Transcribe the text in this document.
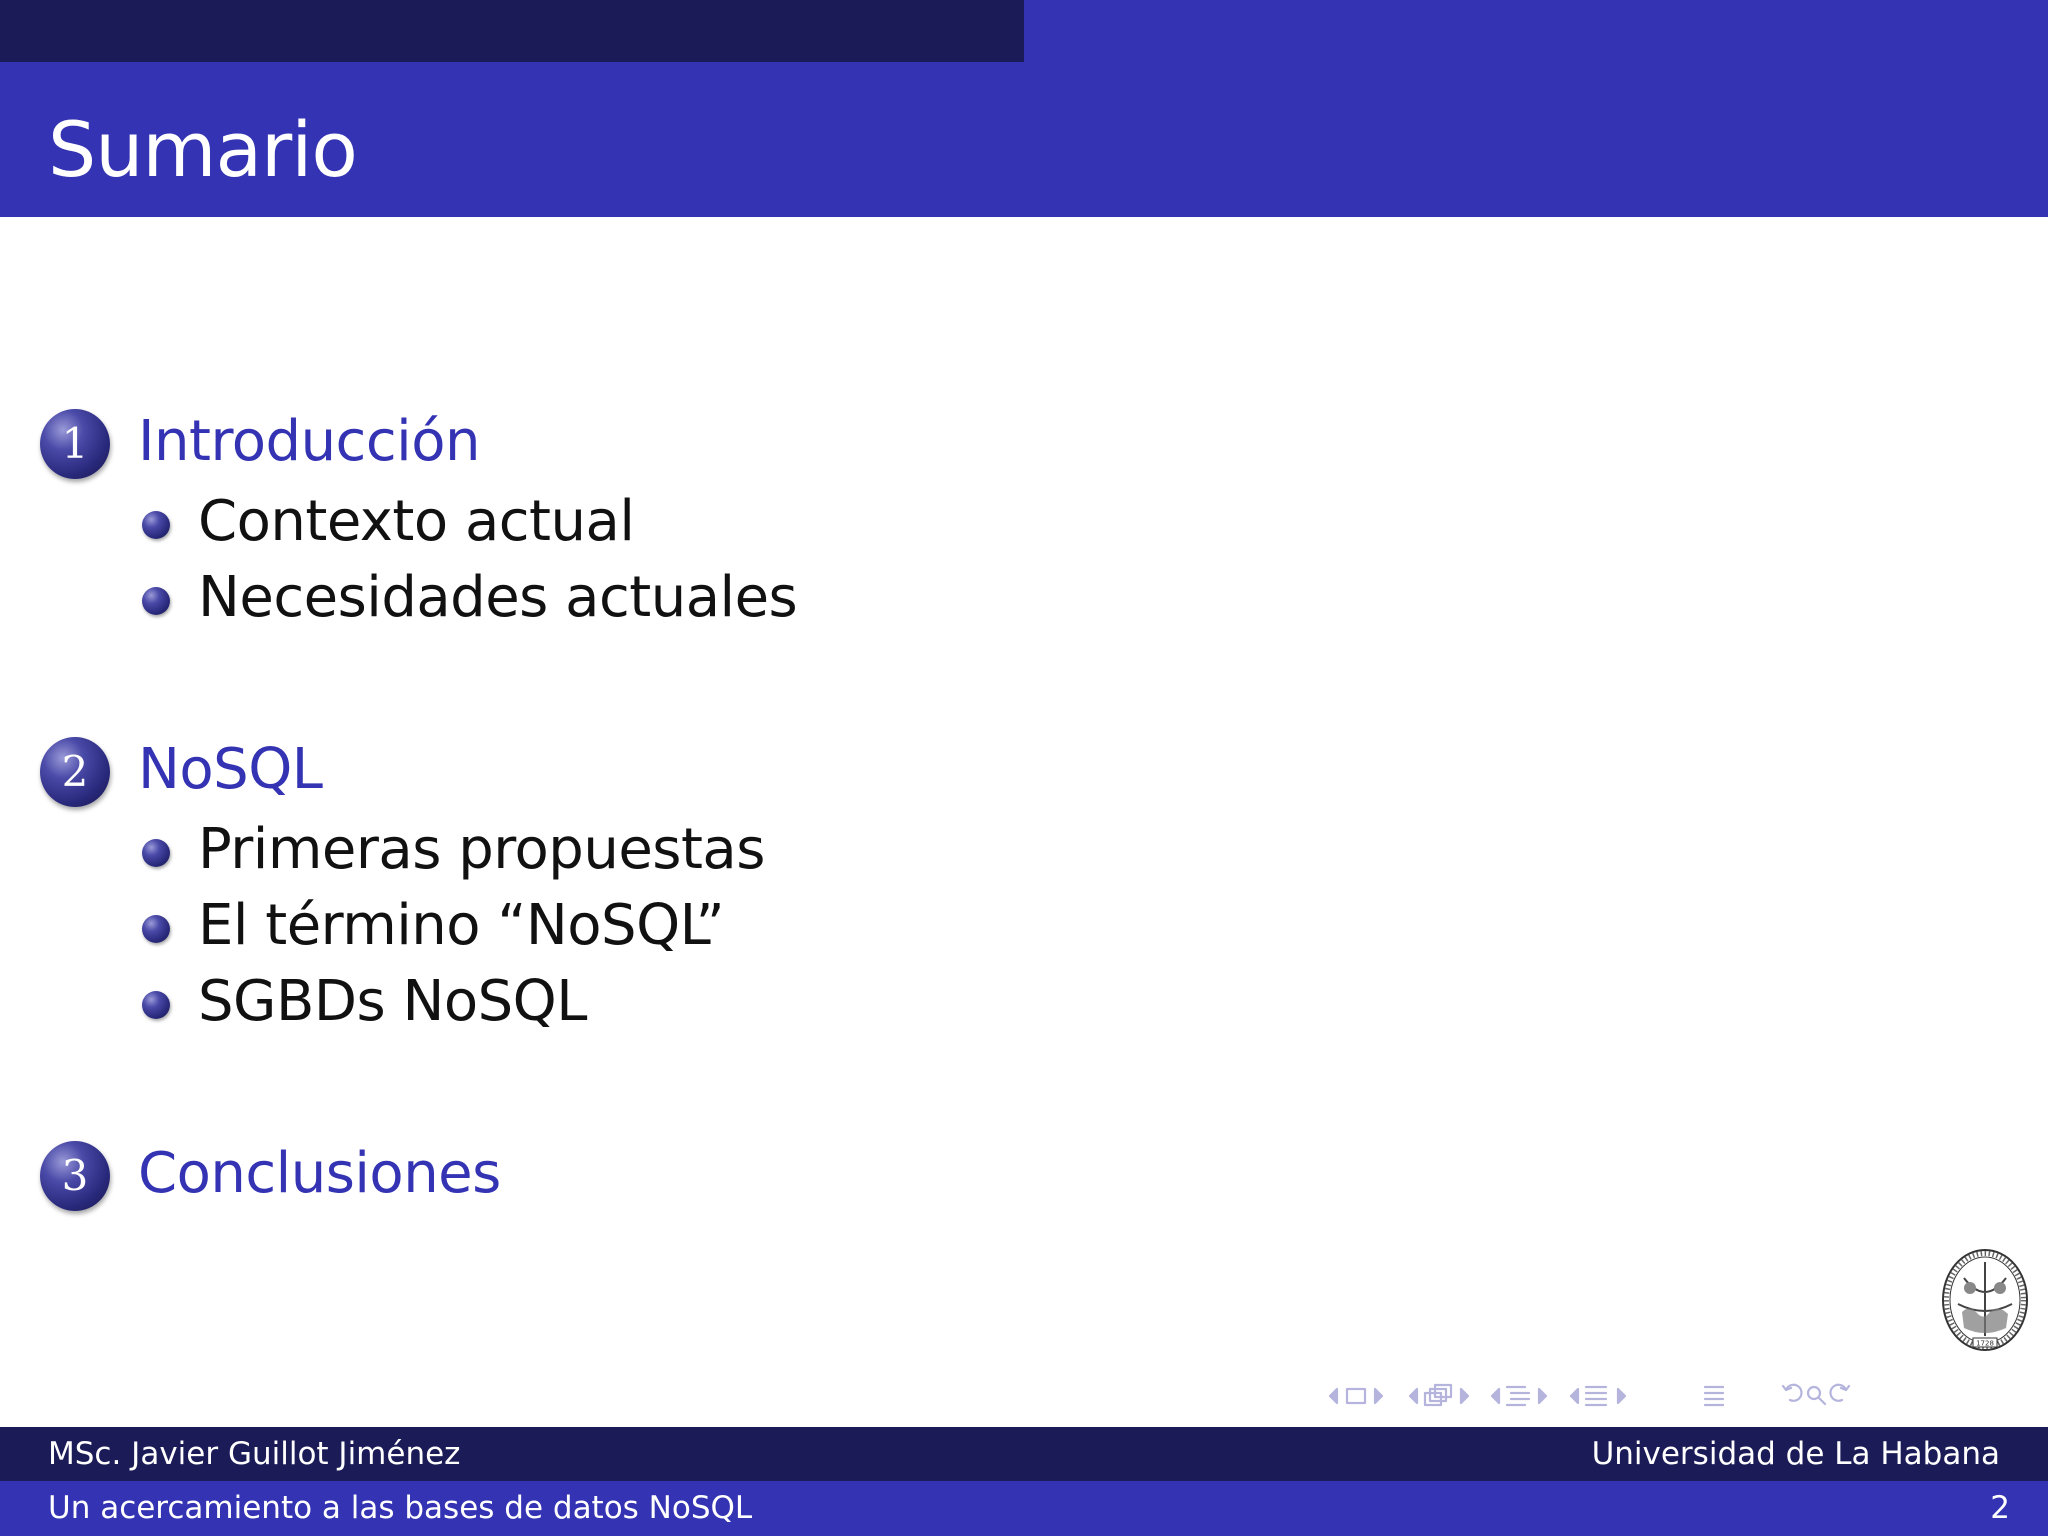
Sumario
1 Introducción
Contexto actual
Necesidades actuales
2 NoSQL
Primeras propuestas
El término “NoSQL”
SGBDs NoSQL
3 Conclusiones
1728
MSc. Javier Guillot Jiménez	Universidad de La Habana
Un acercamiento a las bases de datos NoSQL	2
